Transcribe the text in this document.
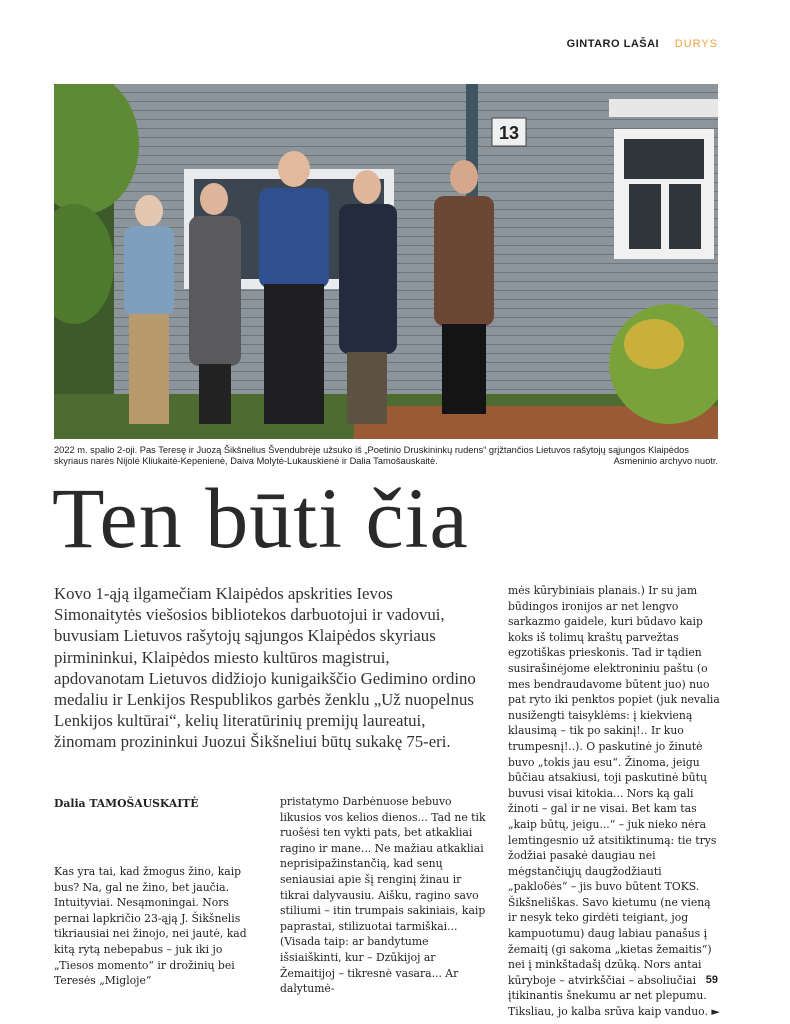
GINTARO LAŠAI DURYS
13
2022 m. spalio 2-oji. Pas Teresę ir Juozą Šikšnelius Švendubrėje užsuko iš „Poetinio Druskininkų rudens“ grįžtančios Lietuvos rašytojų sąjungos Klaipėdos skyriaus narės Nijolė Kliukaitė-Kepenienė, Daiva Molytė-Lukauskienė ir Dalia Tamošauskaitė.	Asmeninio archyvo nuotr.
Ten būti čia

Kovo 1-ąją ilgamečiam Klaipėdos apskrities Ievos Simonaitytės viešosios bibliotekos darbuotojui ir vadovui, buvusiam Lietuvos rašytojų sąjungos Klaipėdos skyriaus pirmininkui, Klaipėdos miesto kultūros magistrui, apdovanotam Lietuvos didžiojo kunigaikščio Gedimino ordino medaliu ir Lenkijos Respublikos garbės ženklu „Už nuopelnus Lenkijos kultūrai“, kelių literatūrinių premijų laureatui, žinomam prozininkui Juozui Šikšneliui būtų sukakę 75-eri.

Dalia TAMOŠAUSKAITĖ

Kas yra tai, kad žmogus žino, kaip bus? Na, gal ne žino, bet jaučia. Intuityviai. Nesąmoningai. Nors pernai lapkričio 23-ąją J. Šikšnelis tikriausiai nei žinojo, nei jautė, kad kitą rytą nebepabus – juk iki jo „Tiesos momento“ ir drožinių bei Teresės „Migloje“

pristatymo Darbėnuose bebuvo likusios vos kelios dienos... Tad ne tik ruošėsi ten vykti pats, bet atkakliai ragino ir mane... Ne mažiau atkakliai neprisipažinstančią, kad senų seniausiai apie šį renginį žinau ir tikrai dalyvausiu. Aišku, ragino savo stiliumi – itin trumpais sakiniais, kaip paprastai, stilizuotai tarmiškai... (Visada taip: ar bandytume išsiaiškinti, kur – Dzūkijoj ar Žemaitijoj – tikresnė vasara... Ar dalytumė-

mės kūrybiniais planais.) Ir su jam būdingos ironijos ar net lengvo sarkazmo gaidele, kuri būdavo kaip koks iš tolimų kraštų parvežtas egzotiškas prieskonis. Tad ir tądien susirašinėjome elektroniniu paštu (o mes bendraudavome būtent juo) nuo pat ryto iki penktos popiet (juk nevalia nusižengti taisyklėms: į kiekvieną klausimą – tik po sakinį!.. Ir kuo trumpesnį!..). O paskutinė jo žinutė buvo „tokis jau esu“. Žinoma, jeigu būčiau atsakiusi, toji paskutinė būtų buvusi visai kitokia... Nors ką gali žinoti – gal ir ne visai. Bet kam tas „kaip būtų, jeigu...“ – juk nieko nėra lemtingesnio už atsitiktinumą: tie trys žodžiai pasakė daugiau nei mėgstančiųjų daugžodžiauti „pakloδės“ – jis buvo būtent TOKS. Šikšneliškas. Savo kietumu (ne vieną ir nesyk teko girdėti teigiant, jog kampuotumu) daug labiau panašus į žemaitį (gi sakoma „kietas žemaitis“) nei į minkštadašį dzūką. Nors antai kūryboje – atvirkščiai – absoliučiai įtikinantis šnekumu ar net plepumu. Tiksliau, jo kalba srūva kaip vanduo. ►

59
